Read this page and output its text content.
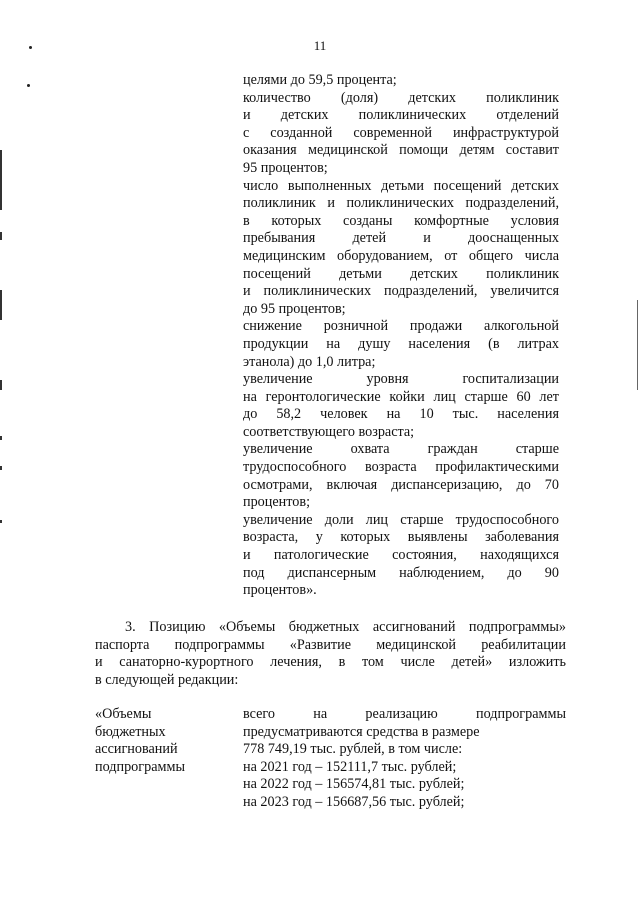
11

целями до 59,5 процента;

количество (доля) детских поликлиник
и детских поликлинических отделений
с созданной современной инфраструктурой
оказания медицинской помощи детям составит
95 процентов;

число выполненных детьми посещений детских
поликлиник и поликлинических подразделений,
в которых созданы комфортные условия
пребывания детей и дооснащенных
медицинским оборудованием, от общего числа
посещений детьми детских поликлиник
и поликлинических подразделений, увеличится
до 95 процентов;

снижение розничной продажи алкогольной
продукции на душу населения (в литрах
этанола) до 1,0 литра;

увеличение уровня госпитализации
на геронтологические койки лиц старше 60 лет
до 58,2 человек на 10 тыс. населения
соответствующего возраста;

увеличение охвата граждан старше
трудоспособного возраста профилактическими
осмотрами, включая диспансеризацию, до 70
процентов;

увеличение доли лиц старше трудоспособного
возраста, у которых выявлены заболевания
и патологические состояния, находящихся
под диспансерным наблюдением, до 90
процентов».

3. Позицию «Объемы бюджетных ассигнований подпрограммы»
паспорта подпрограммы «Развитие медицинской реабилитации
и санаторно-курортного лечения, в том числе детей» изложить
в следующей редакции:
«Объемы
бюджетных
ассигнований
подпрограммы
всего на реализацию подпрограммы
предусматриваются средства в размере
778 749,19 тыс. рублей, в том числе:
на 2021 год – 152111,7 тыс. рублей;
на 2022 год – 156574,81 тыс. рублей;
на 2023 год – 156687,56 тыс. рублей;
